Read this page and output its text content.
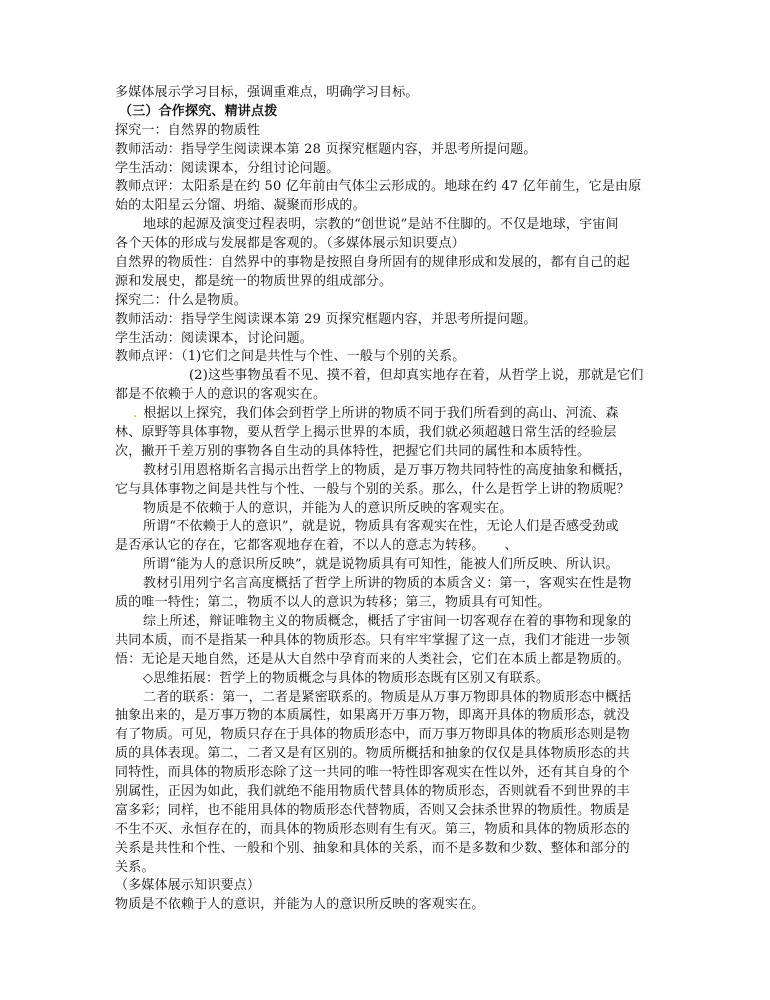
多媒体展示学习目标，强调重难点，明确学习目标。
（三）合作探究、精讲点拨
探究一：自然界的物质性
教师活动：指导学生阅读课本第 28 页探究框题内容，并思考所提问题。
学生活动：阅读课本，分组讨论问题。
教师点评：太阳系是在约 50 亿年前由气体尘云形成的。地球在约 47 亿年前生，它是由原
始的太阳星云分馏、坍缩、凝聚而形成的。
地球的起源及演变过程表明，宗教的“创世说”是站不住脚的。不仅是地球，宇宙间
各个天体的形成与发展都是客观的。（多媒体展示知识要点）
自然界的物质性：自然界中的事物是按照自身所固有的规律形成和发展的，都有自己的起
源和发展史，都是统一的物质世界的组成部分。
探究二：什么是物质。
教师活动：指导学生阅读课本第 29 页探究框题内容，并思考所提问题。
学生活动：阅读课本，讨论问题。
教师点评：（1)它们之间是共性与个性、一般与个别的关系。
(2)这些事物虽看不见、摸不着，但却真实地存在着，从哲学上说，那就是它们
都是不依赖于人的意识的客观实在。
. 根据以上探究，我们体会到哲学上所讲的物质不同于我们所看到的高山、河流、森
林、原野等具体事物，要从哲学上揭示世界的本质，我们就必须超越日常生活的经验层
次，撇开千差万别的事物各自生动的具体特性，把握它们共同的属性和本质特性。
教材引用恩格斯名言揭示出哲学上的物质，是万事万物共同特性的高度抽象和概括，
它与具体事物之间是共性与个性、一般与个别的关系。那么，什么是哲学上讲的物质呢？
物质是不依赖于人的意识，并能为人的意识所反映的客观实在。
所谓“不依赖于人的意识”，就是说，物质具有客观实在性，无论人们是否感受劲或
是否承认它的存在，它都客观地存在着，不以人的意志为转移。　　、
所谓“能为人的意识所反映”，就是说物质具有可知性，能被人们所反映、所认识。
教材引用列宁名言高度概括了哲学上所讲的物质的本质含义：第一，客观实在性是物
质的唯一特性；第二，物质不以人的意识为转移；第三，物质具有可知性。
综上所述，辩证唯物主义的物质概念，概括了宇宙间一切客观存在着的事物和现象的
共同本质，而不是指某一种具体的物质形态。只有牢牢掌握了这一点，我们才能进一步领
悟：无论是天地自然，还是从大自然中孕育而来的人类社会，它们在本质上都是物质的。
◇思维拓展：哲学上的物质概念与具体的物质形态既有区别又有联系。
二者的联系：第一，二者是紧密联系的。物质是从万事万物即具体的物质形态中概括
抽象出来的，是万事万物的本质属性，如果离开万事万物，即离开具体的物质形态，就没
有了物质。可见，物质只存在于具体的物质形态中，而万事万物即具体的物质形态则是物
质的具体表现。第二，二者又是有区别的。物质所概括和抽象的仅仅是具体物质形态的共
同特性，而具体的物质形态除了这一共同的唯一特性即客观实在性以外，还有其自身的个
别属性，正因为如此，我们就绝不能用物质代替具体的物质形态，否则就看不到世界的丰
富多彩；同样，也不能用具体的物质形态代替物质，否则又会抹杀世界的物质性。物质是
不生不灭、永恒存在的，而具体的物质形态则有生有灭。第三，物质和具体的物质形态的
关系是共性和个性、一般和个别、抽象和具体的关系，而不是多数和少数、整体和部分的
关系。
（多媒体展示知识要点）
物质是不依赖于人的意识，并能为人的意识所反映的客观实在。
